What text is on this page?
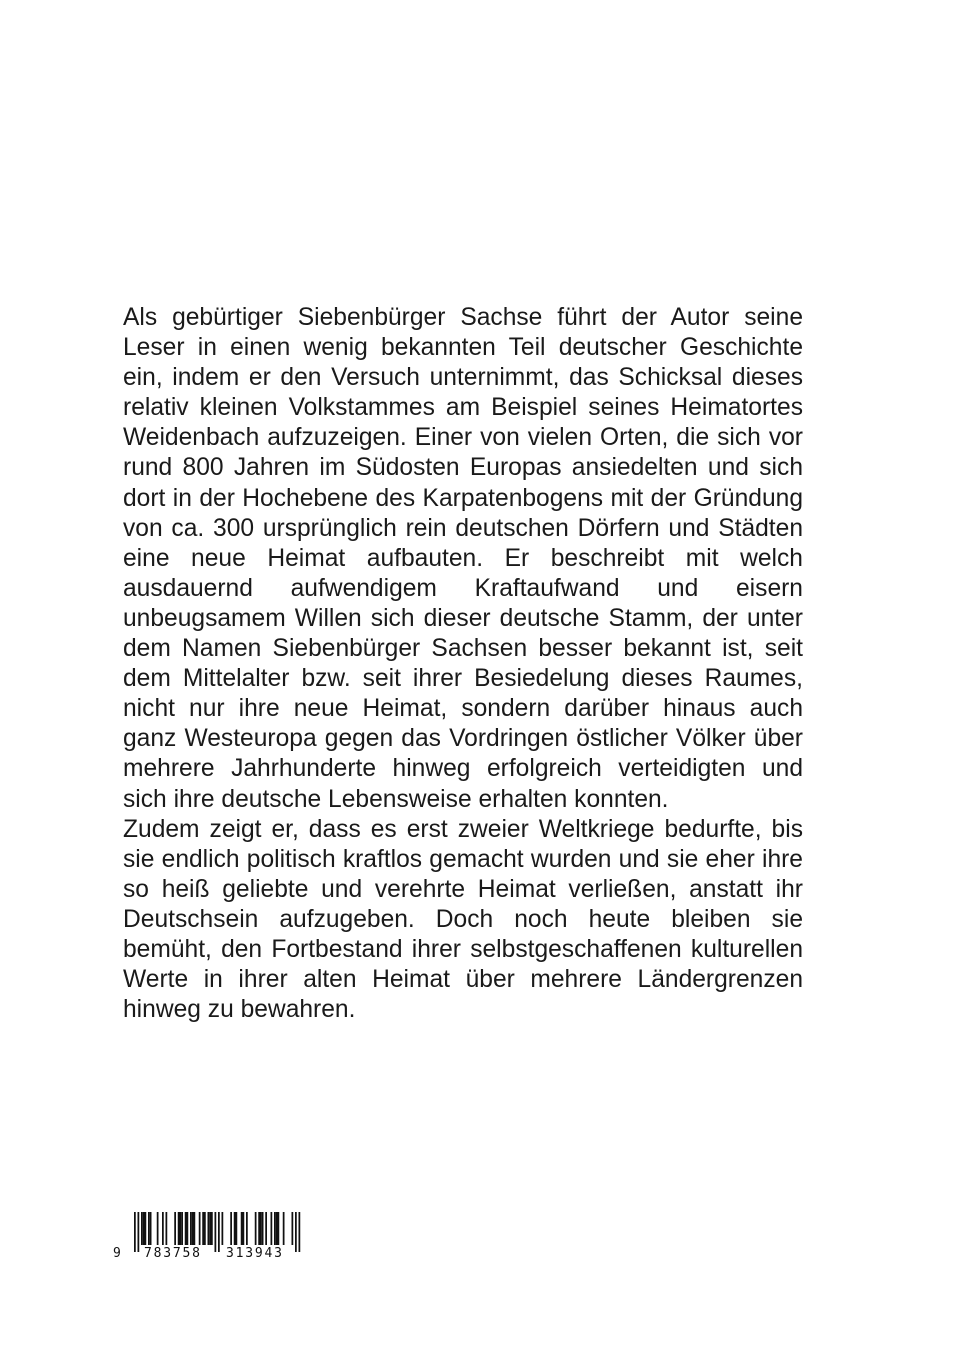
Als gebürtiger Siebenbürger Sachse führt der Autor seine Leser in einen wenig bekannten Teil deutscher Geschichte ein, indem er den Versuch unternimmt, das Schicksal dieses relativ kleinen Volkstammes am Beispiel seines Heimatortes Weidenbach aufzuzeigen. Einer von vielen Orten, die sich vor rund 800 Jahren im Südosten Europas ansiedelten und sich dort in der Hochebene des Karpatenbogens mit der Gründung von ca. 300 ursprünglich rein deutschen Dörfern und Städten eine neue Heimat aufbauten. Er beschreibt mit welch ausdauernd aufwendigem Kraftaufwand und eisern unbeugsamem Willen sich dieser deutsche Stamm, der unter dem Namen Siebenbürger Sachsen besser bekannt ist, seit dem Mittelalter bzw. seit ihrer Besiedelung dieses Raumes, nicht nur ihre neue Heimat, sondern darüber hinaus auch ganz Westeuropa gegen das Vordringen östlicher Völker über mehrere Jahrhunderte hinweg erfolgreich verteidigten und sich ihre deutsche Lebensweise erhalten konnten.

Zudem zeigt er, dass es erst zweier Weltkriege bedurfte, bis sie endlich politisch kraftlos gemacht wurden und sie eher ihre so heiß geliebte und verehrte Heimat verließen, anstatt ihr Deutschsein aufzugeben. Doch noch heute bleiben sie bemüht, den Fortbestand ihrer selbstgeschaffenen kulturellen Werte in ihrer alten Heimat über mehrere Ländergrenzen hinweg zu bewahren.

9 783758 313943
